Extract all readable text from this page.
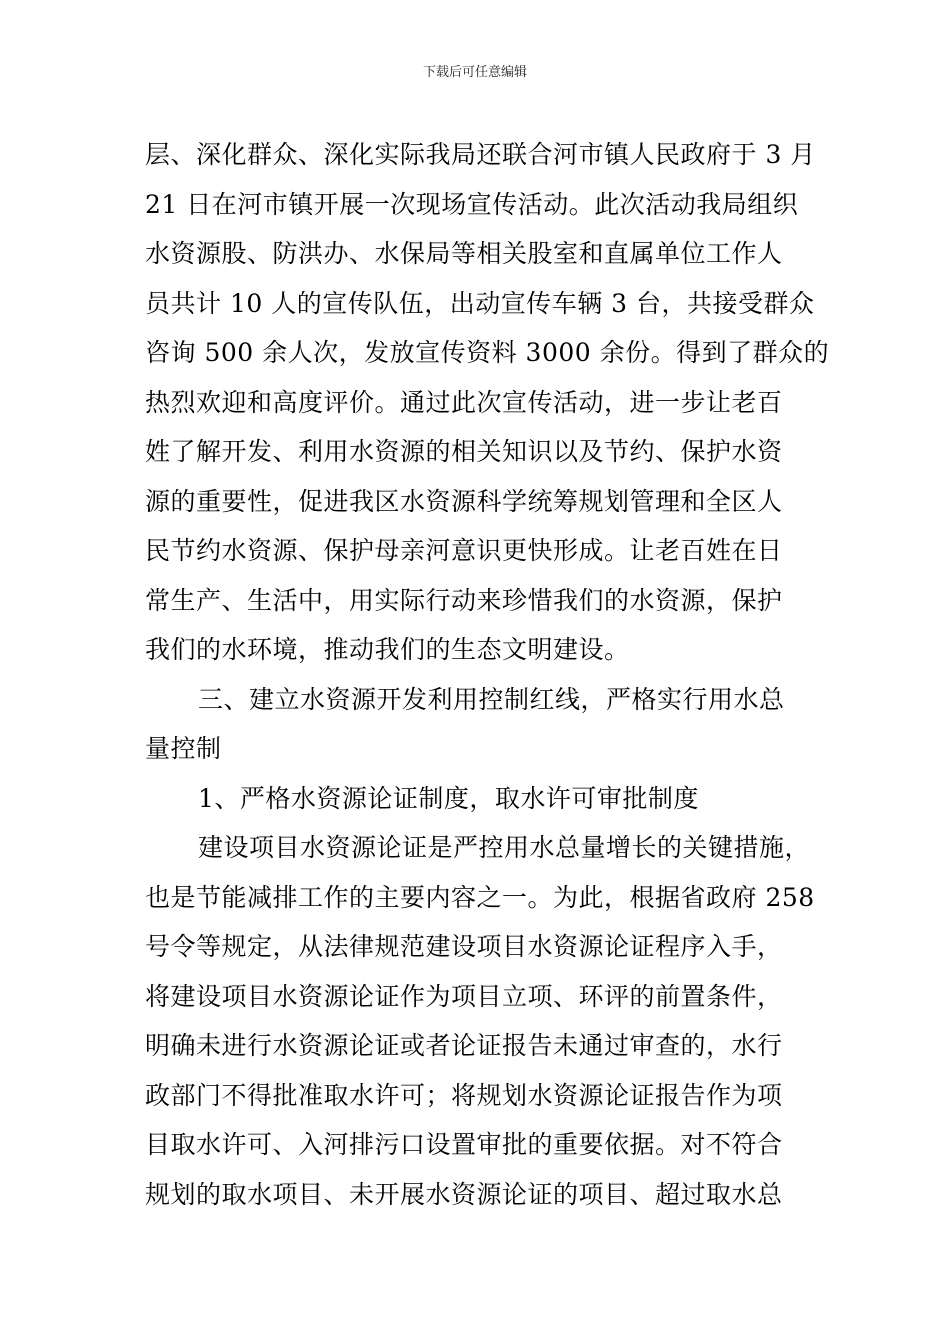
下载后可任意编辑
层、深化群众、深化实际我局还联合河市镇人民政府于 3 月
21 日在河市镇开展一次现场宣传活动。此次活动我局组织
水资源股、防洪办、水保局等相关股室和直属单位工作人
员共计 10 人的宣传队伍，出动宣传车辆 3 台，共接受群众
咨询 500 余人次，发放宣传资料 3000 余份。得到了群众的
热烈欢迎和高度评价。通过此次宣传活动，进一步让老百
姓了解开发、利用水资源的相关知识以及节约、保护水资
源的重要性，促进我区水资源科学统筹规划管理和全区人
民节约水资源、保护母亲河意识更快形成。让老百姓在日
常生产、生活中，用实际行动来珍惜我们的水资源，保护
我们的水环境，推动我们的生态文明建设。
三、建立水资源开发利用控制红线，严格实行用水总
量控制
1、严格水资源论证制度，取水许可审批制度
建设项目水资源论证是严控用水总量增长的关键措施，
也是节能减排工作的主要内容之一。为此，根据省政府 258
号令等规定，从法律规范建设项目水资源论证程序入手，
将建设项目水资源论证作为项目立项、环评的前置条件，
明确未进行水资源论证或者论证报告未通过审查的，水行
政部门不得批准取水许可；将规划水资源论证报告作为项
目取水许可、入河排污口设置审批的重要依据。对不符合
规划的取水项目、未开展水资源论证的项目、超过取水总
